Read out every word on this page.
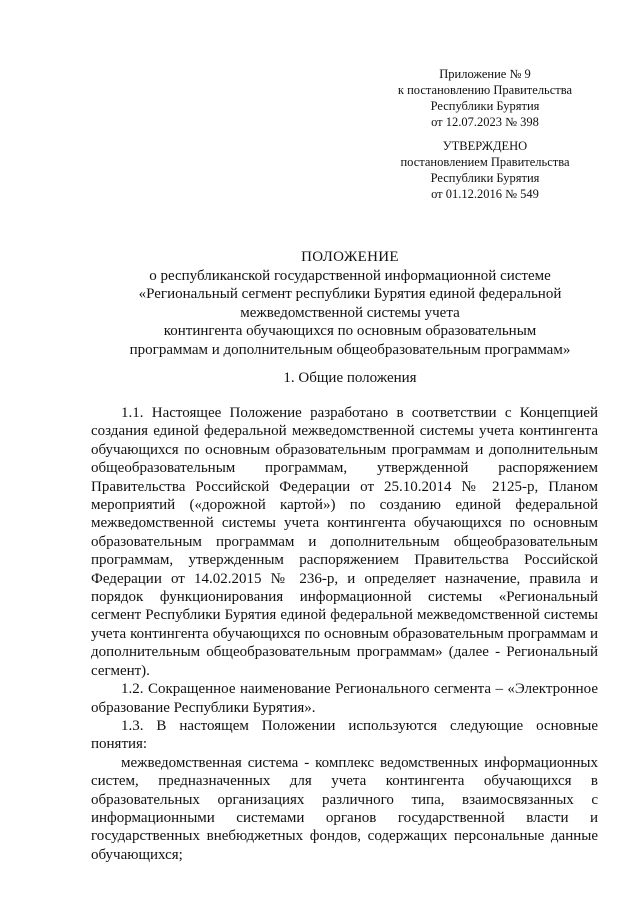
Приложение № 9
к постановлению Правительства
Республики Бурятия
от 12.07.2023 № 398
УТВЕРЖДЕНО
постановлением Правительства
Республики Бурятия
от 01.12.2016 № 549
ПОЛОЖЕНИЕ
о республиканской государственной информационной системе
«Региональный сегмент республики Бурятия единой федеральной
межведомственной системы учета
контингента обучающихся по основным образовательным
программам и дополнительным общеобразовательным программам»
1. Общие положения

1.1. Настоящее Положение разработано в соответствии с Концепцией создания единой федеральной межведомственной системы учета контингента обучающихся по основным образовательным программам и дополнительным общеобразовательным программам, утвержденной распоряжением Правительства Российской Федерации от 25.10.2014 № 2125-р, Планом мероприятий («дорожной картой») по созданию единой федеральной межведомственной системы учета контингента обучающихся по основным образовательным программам и дополнительным общеобразовательным программам, утвержденным распоряжением Правительства Российской Федерации от 14.02.2015 № 236-р, и определяет назначение, правила и порядок функционирования информационной системы «Региональный сегмент Республики Бурятия единой федеральной межведомственной системы учета контингента обучающихся по основным образовательным программам и дополнительным общеобразовательным программам» (далее - Региональный сегмент).

1.2. Сокращенное наименование Регионального сегмента – «Электронное образование Республики Бурятия».

1.3. В настоящем Положении используются следующие основные понятия:

межведомственная система - комплекс ведомственных информационных систем, предназначенных для учета контингента обучающихся в образовательных организациях различного типа, взаимосвязанных с информационными системами органов государственной власти и государственных внебюджетных фондов, содержащих персональные данные обучающихся;
